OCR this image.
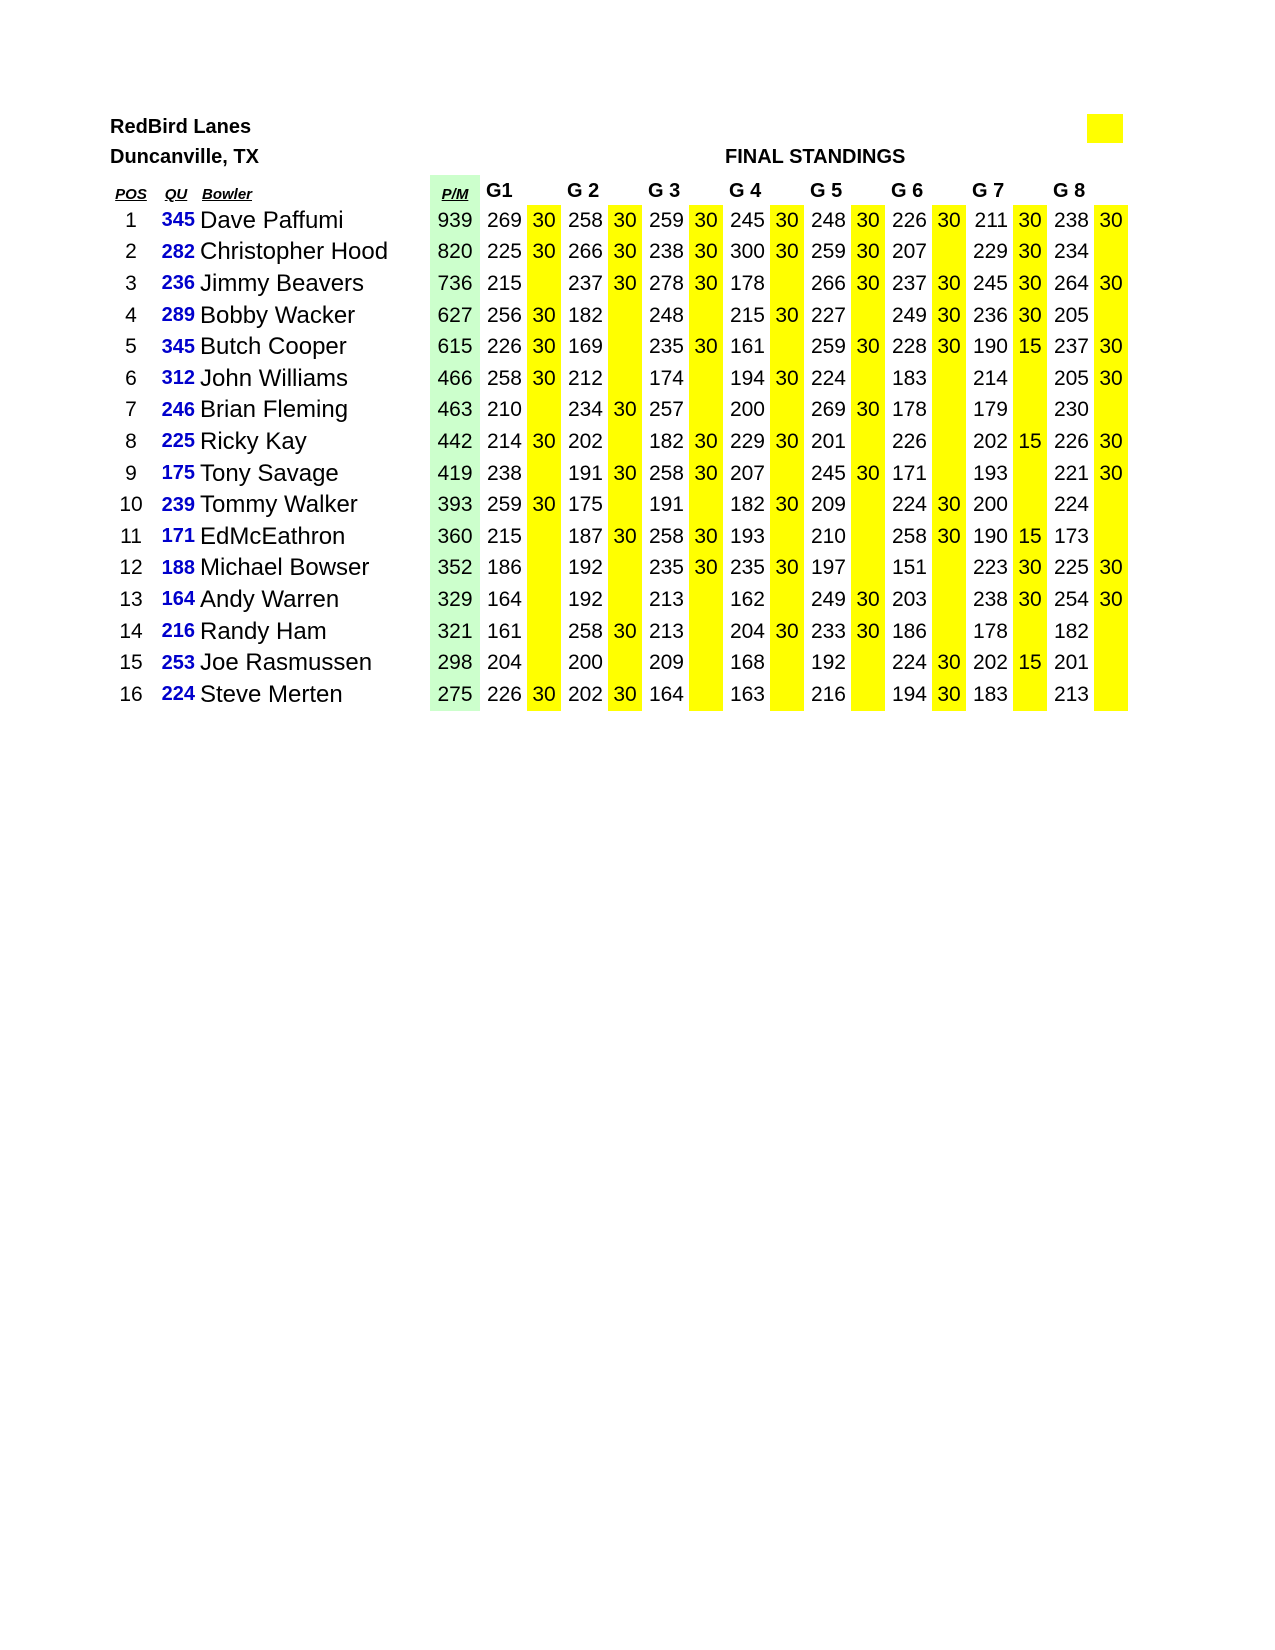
RedBird Lanes
Duncanville, TX	FINAL STANDINGS
POS	QU	Bowler	P/M	G1		G 2		G 3		G 4		G 5		G 6		G 7		G 8	
1	345	Dave Paffumi	939	269	30	258	30	259	30	245	30	248	30	226	30	211	30	238	30
2	282	Christopher Hood	820	225	30	266	30	238	30	300	30	259	30	207		229	30	234	
3	236	Jimmy Beavers	736	215		237	30	278	30	178		266	30	237	30	245	30	264	30
4	289	Bobby Wacker	627	256	30	182		248		215	30	227		249	30	236	30	205	
5	345	Butch Cooper	615	226	30	169		235	30	161		259	30	228	30	190	15	237	30
6	312	John Williams	466	258	30	212		174		194	30	224		183		214		205	30
7	246	Brian Fleming	463	210		234	30	257		200		269	30	178		179		230	
8	225	Ricky Kay	442	214	30	202		182	30	229	30	201		226		202	15	226	30
9	175	Tony Savage	419	238		191	30	258	30	207		245	30	171		193		221	30
10	239	Tommy Walker	393	259	30	175		191		182	30	209		224	30	200		224	
11	171	EdMcEathron	360	215		187	30	258	30	193		210		258	30	190	15	173	
12	188	Michael Bowser	352	186		192		235	30	235	30	197		151		223	30	225	30
13	164	Andy Warren	329	164		192		213		162		249	30	203		238	30	254	30
14	216	Randy Ham	321	161		258	30	213		204	30	233	30	186		178		182	
15	253	Joe Rasmussen	298	204		200		209		168		192		224	30	202	15	201	
16	224	Steve Merten	275	226	30	202	30	164		163		216		194	30	183		213	
